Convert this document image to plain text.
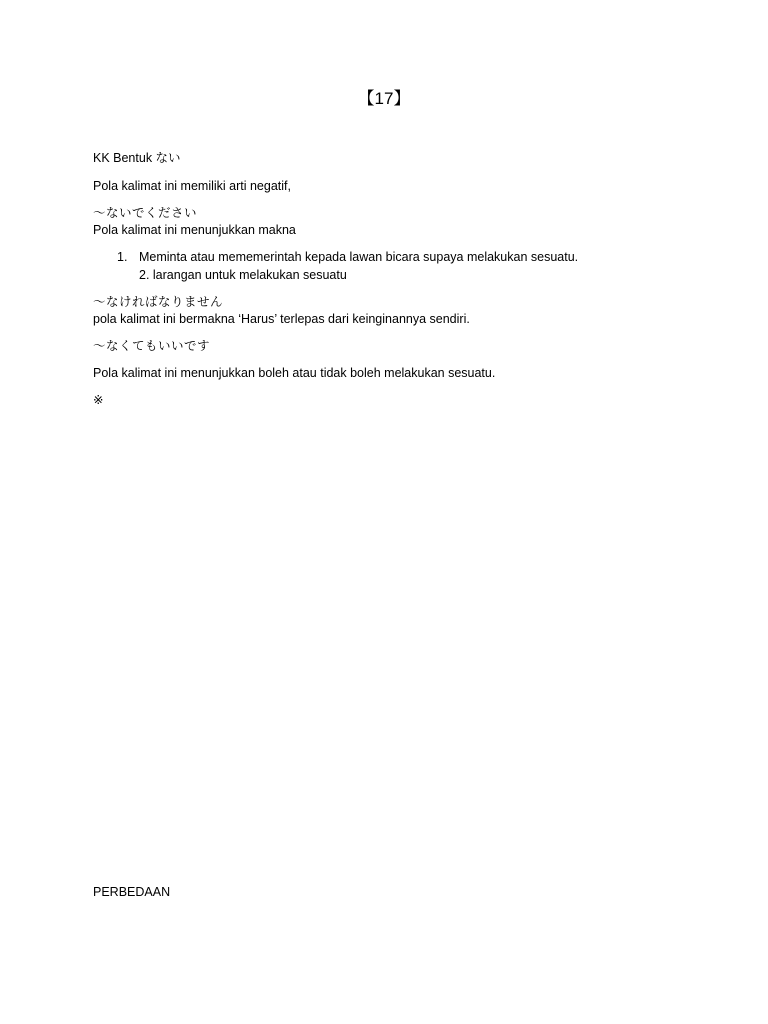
【17】
KK Bentuk ない
Pola kalimat ini memiliki arti negatif,
～ないでください
Pola kalimat ini menunjukkan makna
1. Meminta atau mememerintah kepada lawan bicara supaya melakukan sesuatu.
2. larangan untuk melakukan sesuatu
～なければなりません
pola kalimat ini bermakna ‘Harus’ terlepas dari keinginannya sendiri.
～なくてもいいです
Pola kalimat ini menunjukkan boleh atau tidak boleh melakukan sesuatu.
※
PERBEDAAN
